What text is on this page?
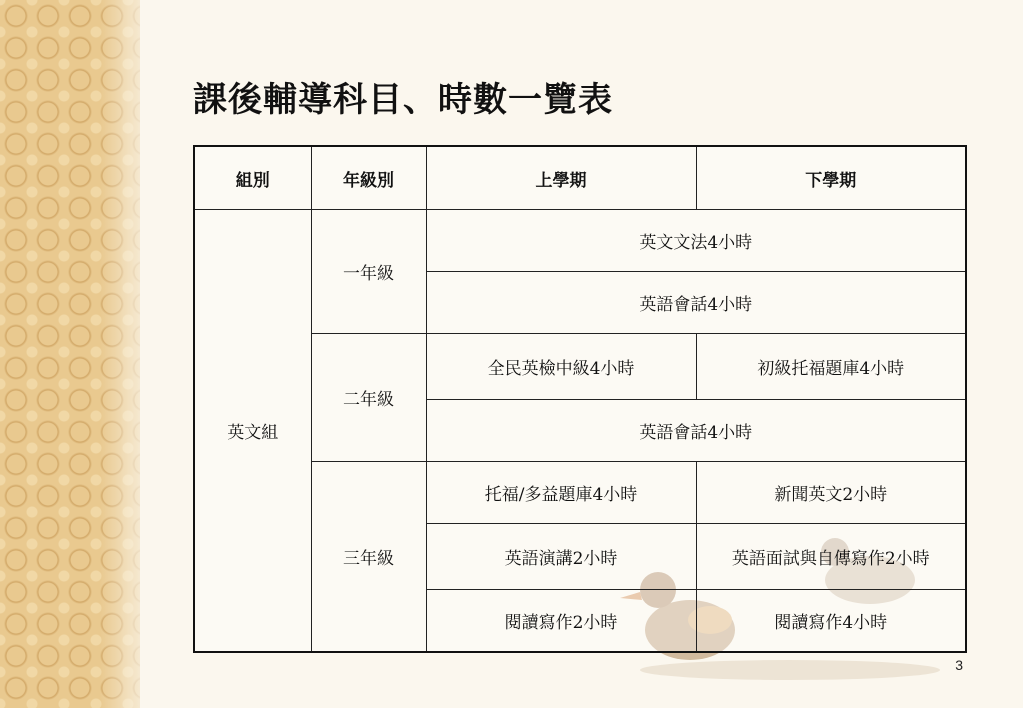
課後輔導科目、時數一覽表
組別	年級別	上學期	下學期
英文組	一年級	英文文法4小時	
		英語會話4小時	
	二年級	全民英檢中級4小時	初級托福題庫4小時
		英語會話4小時	
	三年級	托福/多益題庫4小時	新聞英文2小時
		英語演講2小時	英語面試與自傳寫作2小時
		閱讀寫作2小時	閱讀寫作4小時
3
